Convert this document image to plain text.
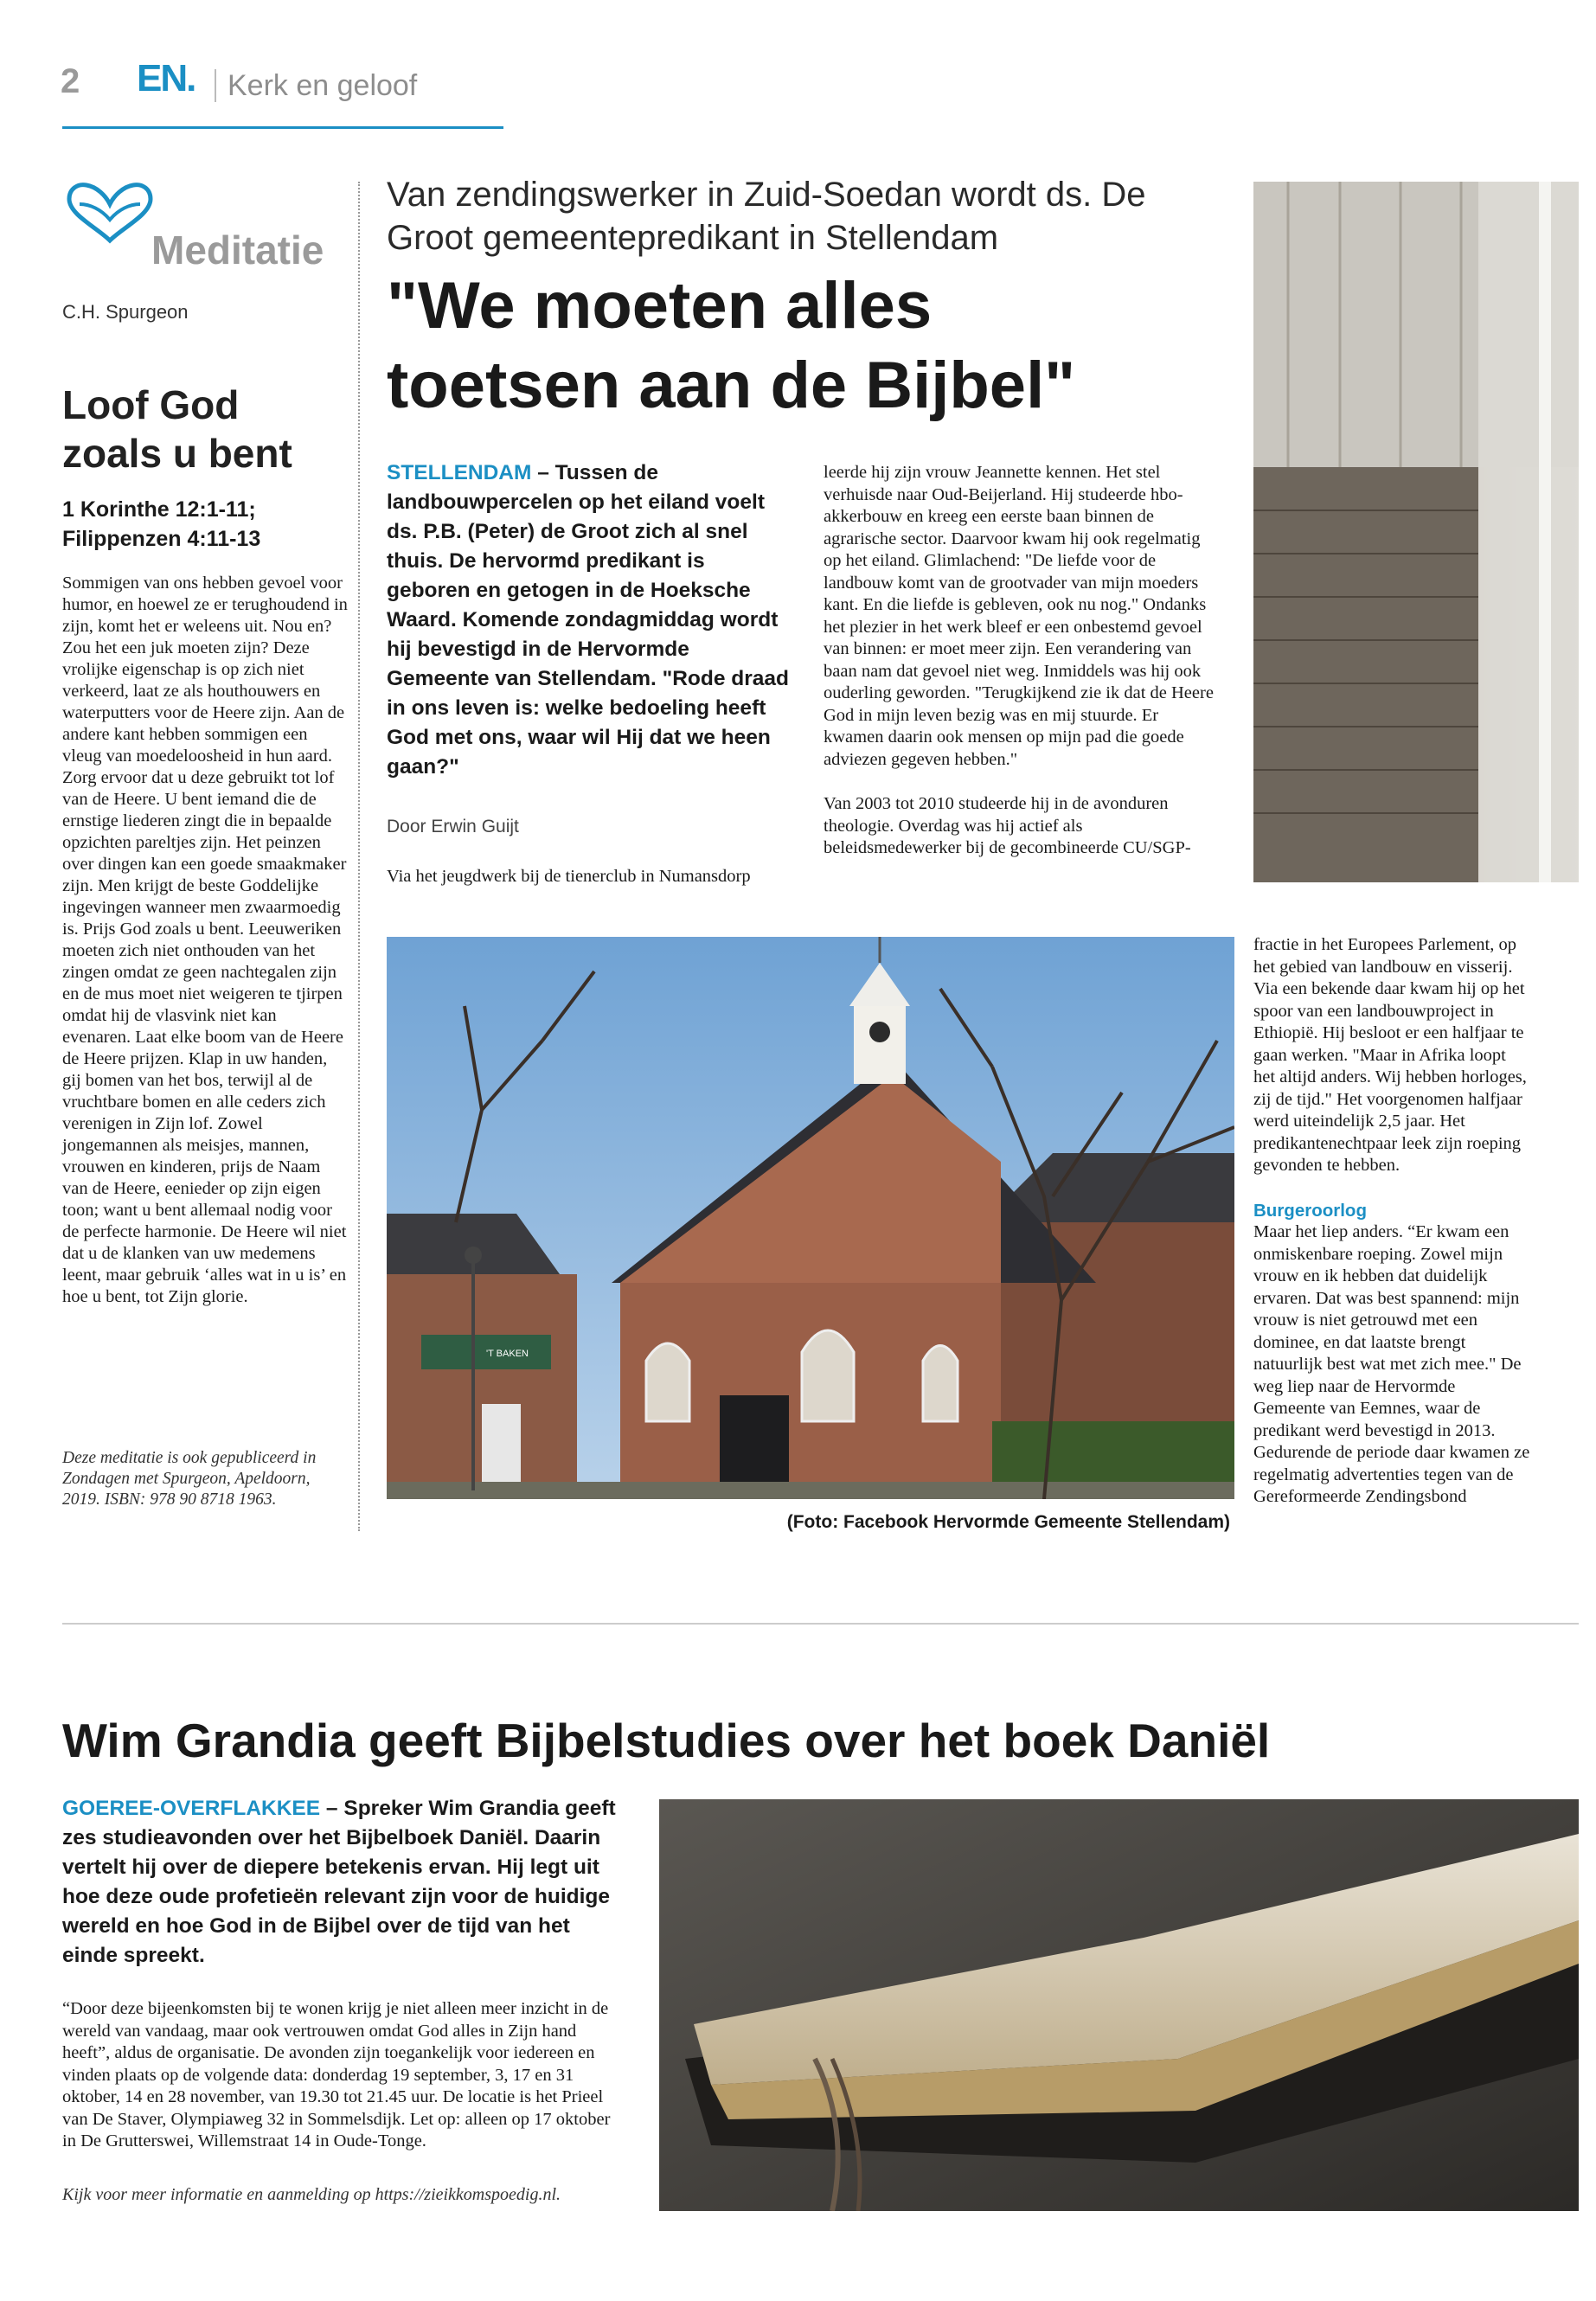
2 EN. Kerk en geloof
Meditatie
C.H. Spurgeon
Loof God zoals u bent
1 Korinthe 12:1-11; Filippenzen 4:11-13
Sommigen van ons hebben gevoel voor humor, en hoewel ze er terughoudend in zijn, komt het er weleens uit. Nou en? Zou het een juk moeten zijn? Deze vrolijke eigenschap is op zich niet verkeerd, laat ze als houthouwers en waterputters voor de Heere zijn. Aan de andere kant hebben sommigen een vleug van moedeloosheid in hun aard. Zorg ervoor dat u deze gebruikt tot lof van de Heere. U bent iemand die de ernstige liederen zingt die in bepaalde opzichten pareltjes zijn. Het peinzen over dingen kan een goede smaakmaker zijn. Men krijgt de beste Goddelijke ingevingen wanneer men zwaarmoedig is. Prijs God zoals u bent. Leeuweriken moeten zich niet onthouden van het zingen omdat ze geen nachtegalen zijn en de mus moet niet weigeren te tjirpen omdat hij de vlasvink niet kan evenaren. Laat elke boom van de Heere de Heere prijzen. Klap in uw handen, gij bomen van het bos, terwijl al de vruchtbare bomen en alle ceders zich verenigen in Zijn lof. Zowel jongemannen als meisjes, mannen, vrouwen en kinderen, prijs de Naam van de Heere, eenieder op zijn eigen toon; want u bent allemaal nodig voor de perfecte harmonie. De Heere wil niet dat u de klanken van uw medemens leent, maar gebruik ‘alles wat in u is’ en hoe u bent, tot Zijn glorie.
Deze meditatie is ook gepubliceerd in Zondagen met Spurgeon, Apeldoorn, 2019. ISBN: 978 90 8718 1963.
Van zendingswerker in Zuid-Soedan wordt ds. De Groot gemeentepredikant in Stellendam
"We moeten alles toetsen aan de Bijbel"
STELLENDAM – Tussen de landbouwpercelen op het eiland voelt ds. P.B. (Peter) de Groot zich al snel thuis. De hervormd predikant is geboren en getogen in de Hoeksche Waard. Komende zondagmiddag wordt hij bevestigd in de Hervormde Gemeente van Stellendam. "Rode draad in ons leven is: welke bedoeling heeft God met ons, waar wil Hij dat we heen gaan?"
Door Erwin Guijt
Via het jeugdwerk bij de tienerclub in Numansdorp

leerde hij zijn vrouw Jeannette kennen. Het stel verhuisde naar Oud-Beijerland. Hij studeerde hbo-akkerbouw en kreeg een eerste baan binnen de agrarische sector. Daarvoor kwam hij ook regelmatig op het eiland. Glimlachend: "De liefde voor de landbouw komt van de grootvader van mijn moeders kant. En die liefde is gebleven, ook nu nog." Ondanks het plezier in het werk bleef er een onbestemd gevoel van binnen: er moet meer zijn. Een verandering van baan nam dat gevoel niet weg. Inmiddels was hij ook ouderling geworden. "Terugkijkend zie ik dat de Heere God in mijn leven bezig was en mij stuurde. Er kwamen daarin ook mensen op mijn pad die goede adviezen gegeven hebben."

Van 2003 tot 2010 studeerde hij in de avonduren theologie. Overdag was hij actief als beleidsmedewerker bij de gecombineerde CU/SGP-

fractie in het Europees Parlement, op het gebied van landbouw en visserij. Via een bekende daar kwam hij op het spoor van een landbouwproject in Ethiopië. Hij besloot er een halfjaar te gaan werken. "Maar in Afrika loopt het altijd anders. Wij hebben horloges, zij de tijd." Het voorgenomen halfjaar werd uiteindelijk 2,5 jaar. Het predikantenechtpaar leek zijn roeping gevonden te hebben.

Burgeroorlog

Maar het liep anders. “Er kwam een onmiskenbare roeping. Zowel mijn vrouw en ik hebben dat duidelijk ervaren. Dat was best spannend: mijn vrouw is niet getrouwd met een dominee, en dat laatste brengt natuurlijk best wat met zich mee." De weg liep naar de Hervormde Gemeente van Eemnes, waar de predikant werd bevestigd in 2013. Gedurende de periode daar kwamen ze regelmatig advertenties tegen van de Gereformeerde Zendingsbond

'T BAKEN
(Foto: Facebook Hervormde Gemeente Stellendam)
Wim Grandia geeft Bijbelstudies over het boek Daniël
GOEREE-OVERFLAKKEE – Spreker Wim Grandia geeft zes studieavonden over het Bijbelboek Daniël. Daarin vertelt hij over de diepere betekenis ervan. Hij legt uit hoe deze oude profetieën relevant zijn voor de huidige wereld en hoe God in de Bijbel over de tijd van het einde spreekt.
“Door deze bijeenkomsten bij te wonen krijg je niet alleen meer inzicht in de wereld van vandaag, maar ook vertrouwen omdat God alles in Zijn hand heeft”, aldus de organisatie. De avonden zijn toegankelijk voor iedereen en vinden plaats op de volgende data: donderdag 19 september, 3, 17 en 31 oktober, 14 en 28 november, van 19.30 tot 21.45 uur. De locatie is het Prieel van De Staver, Olympiaweg 32 in Sommelsdijk. Let op: alleen op 17 oktober in De Grutterswei, Willemstraat 14 in Oude-Tonge.
Kijk voor meer informatie en aanmelding op https://zieikkomspoedig.nl.
